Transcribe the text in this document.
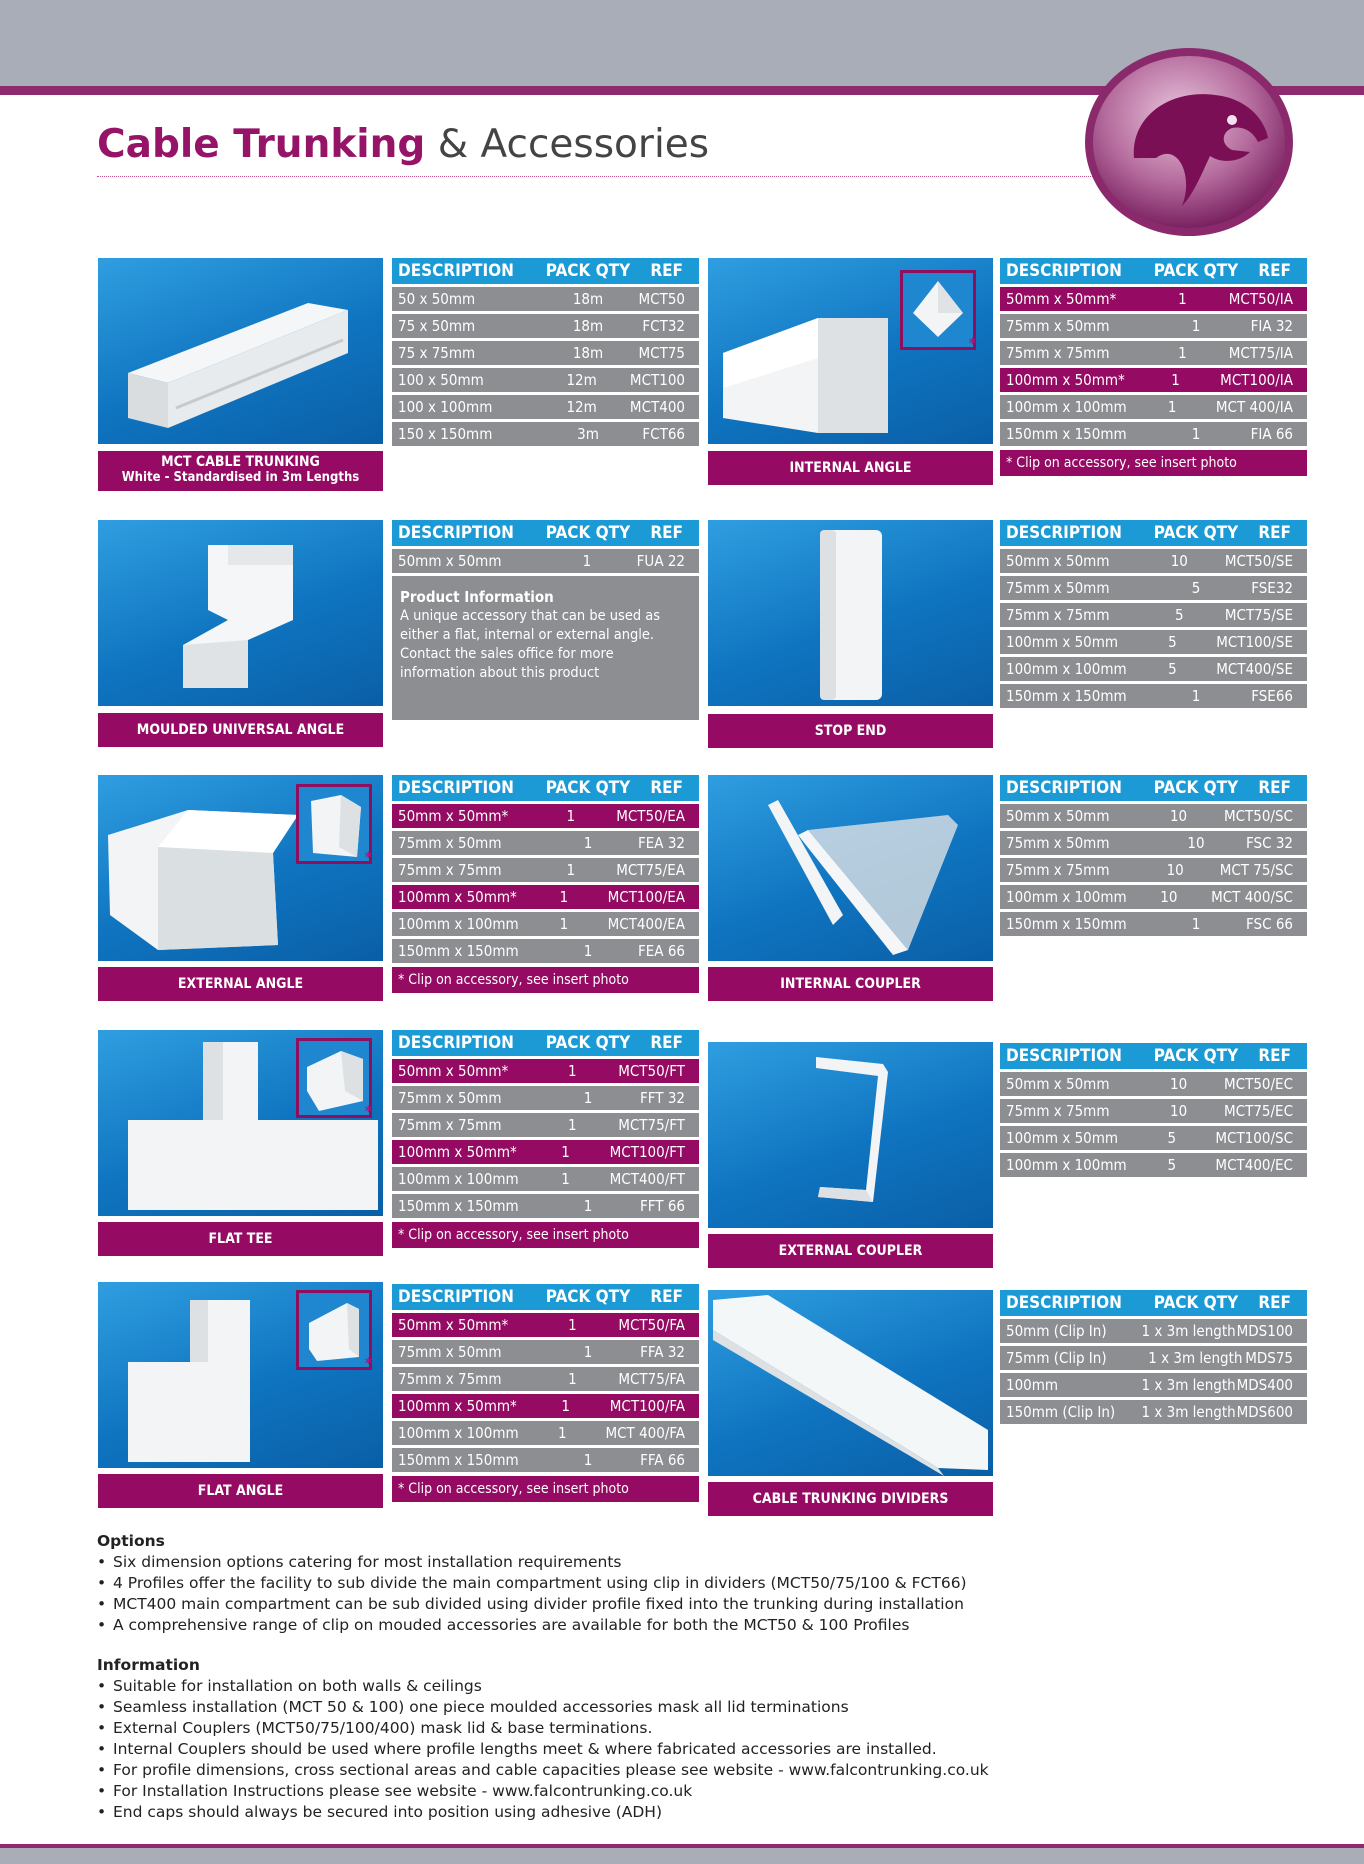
Cable Trunking & Accessories
MCT CABLE TRUNKING
White - Standardised in 3m Lengths
DESCRIPTION	PACK QTY	REF
50 x 50mm	18m	MCT50
75 x 50mm	18m	FCT32
75 x 75mm	18m	MCT75
100 x 50mm	12m	MCT100
100 x 100mm	12m	MCT400
150 x 150mm	3m	FCT66
*
INTERNAL ANGLE
DESCRIPTION	PACK QTY	REF
50mm x 50mm*	1	MCT50/IA
75mm x 50mm	1	FIA 32
75mm x 75mm	1	MCT75/IA
100mm x 50mm*	1	MCT100/IA
100mm x 100mm	1	MCT 400/IA
150mm x 150mm	1	FIA 66
* Clip on accessory, see insert photo
MOULDED UNIVERSAL ANGLE
DESCRIPTION	PACK QTY	REF
50mm x 50mm	1	FUA 22
Product Information
A unique accessory that can be used as either a flat, internal or external angle. Contact the sales office for more information about this product
STOP END
DESCRIPTION	PACK QTY	REF
50mm x 50mm	10	MCT50/SE
75mm x 50mm	5	FSE32
75mm x 75mm	5	MCT75/SE
100mm x 50mm	5	MCT100/SE
100mm x 100mm	5	MCT400/SE
150mm x 150mm	1	FSE66
*
EXTERNAL ANGLE
DESCRIPTION	PACK QTY	REF
50mm x 50mm*	1	MCT50/EA
75mm x 50mm	1	FEA 32
75mm x 75mm	1	MCT75/EA
100mm x 50mm*	1	MCT100/EA
100mm x 100mm	1	MCT400/EA
150mm x 150mm	1	FEA 66
* Clip on accessory, see insert photo	INTERNAL COUPLER
DESCRIPTION	PACK QTY	REF
50mm x 50mm	10	MCT50/SC
75mm x 50mm	10	FSC 32
75mm x 75mm	10	MCT 75/SC
100mm x 100mm	10	MCT 400/SC
150mm x 150mm	1	FSC 66
*
FLAT TEE
DESCRIPTION	PACK QTY	REF
50mm x 50mm*	1	MCT50/FT
75mm x 50mm	1	FFT 32
75mm x 75mm	1	MCT75/FT
100mm x 50mm*	1	MCT100/FT
100mm x 100mm	1	MCT400/FT
150mm x 150mm	1	FFT 66
* Clip on accessory, see insert photo
EXTERNAL COUPLER
DESCRIPTION	PACK QTY	REF
50mm x 50mm	10	MCT50/EC
75mm x 75mm	10	MCT75/EC
100mm x 50mm	5	MCT100/SC
100mm x 100mm	5	MCT400/EC
*
FLAT ANGLE
DESCRIPTION	PACK QTY	REF
50mm x 50mm*	1	MCT50/FA
75mm x 50mm	1	FFA 32
75mm x 75mm	1	MCT75/FA
100mm x 50mm*	1	MCT100/FA
100mm x 100mm	1	MCT 400/FA
150mm x 150mm	1	FFA 66
* Clip on accessory, see insert photo
CABLE TRUNKING DIVIDERS
DESCRIPTION	PACK QTY	REF
50mm (Clip In)	1 x 3m length MDS100
75mm (Clip In)	1 x 3m length MDS75
100mm	1 x 3m length MDS400
150mm (Clip In)	1 x 3m length MDS600
Options
• Six dimension options catering for most installation requirements
• 4 Profiles offer the facility to sub divide the main compartment using clip in dividers (MCT50/75/100 & FCT66)
• MCT400 main compartment can be sub divided using divider profile fixed into the trunking during installation
• A comprehensive range of clip on mouded accessories are available for both the MCT50 & 100 Profiles
Information
• Suitable for installation on both walls & ceilings
• Seamless installation (MCT 50 & 100) one piece moulded accessories mask all lid terminations
• External Couplers (MCT50/75/100/400) mask lid & base terminations.
• Internal Couplers should be used where profile lengths meet & where fabricated accessories are installed.
• For profile dimensions, cross sectional areas and cable capacities please see website - www.falcontrunking.co.uk
• For Installation Instructions please see website - www.falcontrunking.co.uk
• End caps should always be secured into position using adhesive (ADH)
